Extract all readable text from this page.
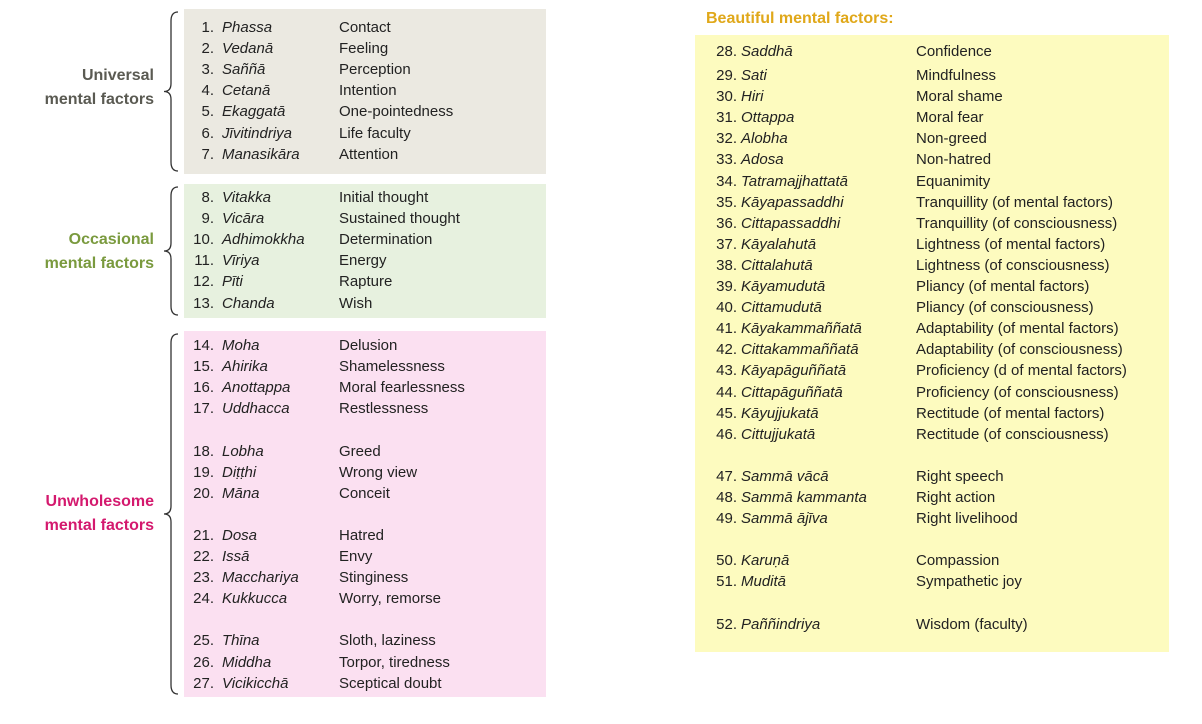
1. Phassa	Contact
2. Vedanā	Feeling
3. Saññā	Perception
4. Cetanā	Intention
5. Ekaggatā	One-pointedness
6. Jīvitindriya	Life faculty
7. Manasikāra	Attention
8. Vitakka	Initial thought
9. Vicāra	Sustained thought
10. Adhimokkha Determination
11. Vīriya	Energy
12. Pīti	Rapture
13. Chanda	Wish
14. Moha	Delusion
15. Ahirika	Shamelessness
16. Anottappa	Moral fearlessness
17. Uddhacca	Restlessness
18. Lobha	Greed
19. Diṭṭhi	Wrong view
20. Māna	Conceit
21. Dosa	Hatred
22. Issā	Envy
23. Macchariya	Stinginess
24. Kukkucca	Worry, remorse
25. Thīna	Sloth, laziness
26. Middha	Torpor, tiredness
27. Vicikicchā	Sceptical doubt
Universal
mental factors
Occasional
mental factors
Unwholesome
mental factors
Beautiful mental factors:
28. Saddhā	Confidence
29. Sati	Mindfulness
30. Hiri	Moral shame
31. Ottappa	Moral fear
32. Alobha	Non-greed
33. Adosa	Non-hatred
34. Tatramajjhattatā	Equanimity
35. Kāyapassaddhi	Tranquillity (of mental factors)
36. Cittapassaddhi	Tranquillity (of consciousness)
37. Kāyalahutā	Lightness (of mental factors)
38. Cittalahutā	Lightness (of consciousness)
39. Kāyamudutā	Pliancy (of mental factors)
40. Cittamudutā	Pliancy (of consciousness)
41. Kāyakammaññatā	Adaptability (of mental factors)
42. Cittakammaññatā	Adaptability (of consciousness)
43. Kāyapāguññatā	Proficiency (d of mental factors)
44. Cittapāguññatā	Proficiency (of consciousness)
45. Kāyujjukatā	Rectitude (of mental factors)
46. Cittujjukatā	Rectitude (of consciousness)
47. Sammā vācā	Right speech
48. Sammā kammanta	Right action
49. Sammā ājīva	Right livelihood
50. Karuṇā	Compassion
51. Muditā	Sympathetic joy
52. Paññindriya	Wisdom (faculty)
